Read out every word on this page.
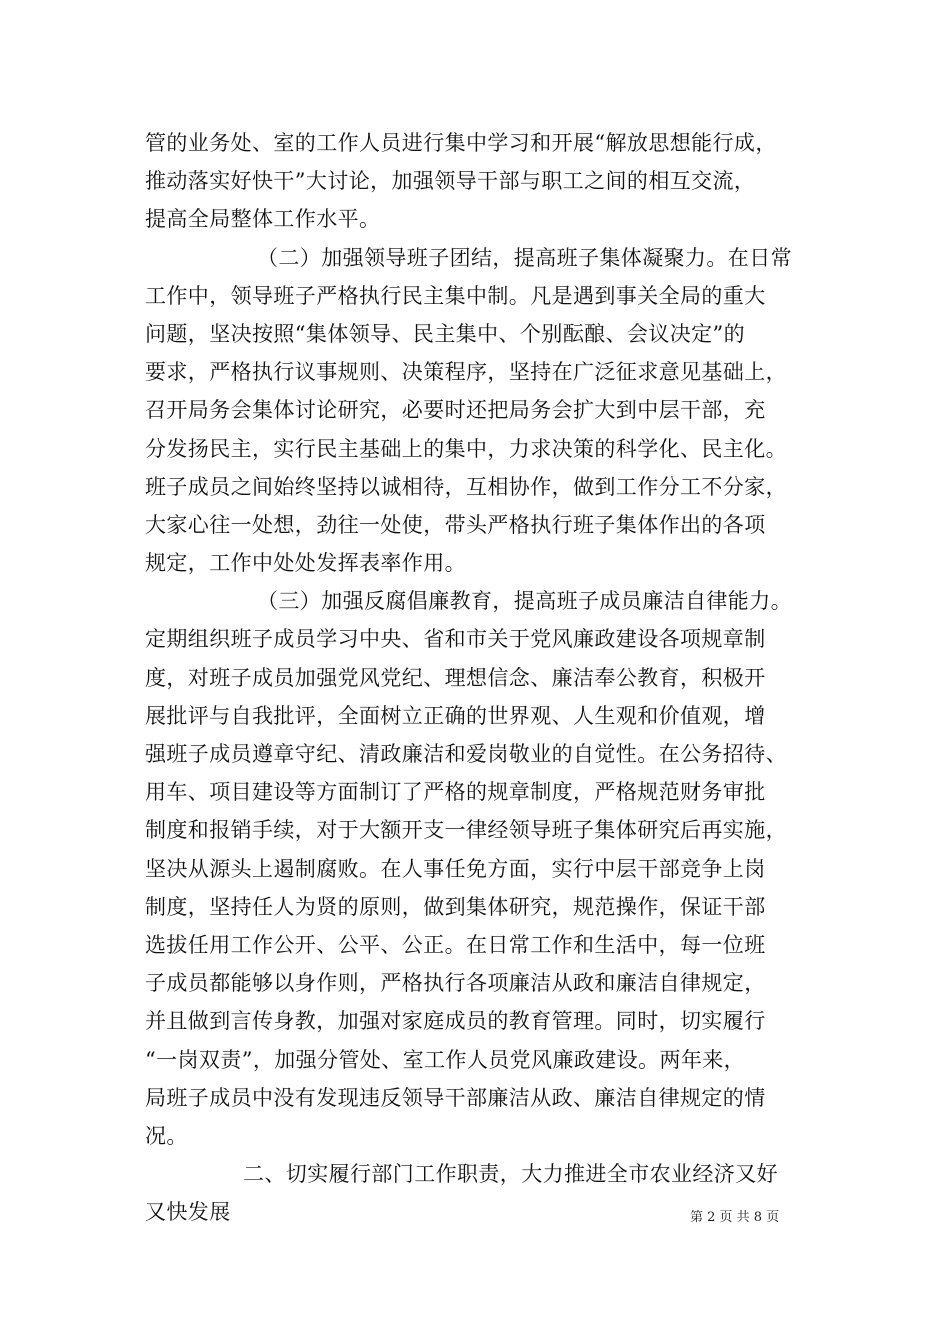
管的业务处、室的工作人员进行集中学习和开展“解放思想能行成，
推动落实好快干”大讨论，加强领导干部与职工之间的相互交流，
提高全局整体工作水平。
（二）加强领导班子团结，提高班子集体凝聚力。在日常
工作中，领导班子严格执行民主集中制。凡是遇到事关全局的重大
问题，坚决按照“集体领导、民主集中、个别酝酿、会议决定”的
要求，严格执行议事规则、决策程序，坚持在广泛征求意见基础上，
召开局务会集体讨论研究，必要时还把局务会扩大到中层干部，充
分发扬民主，实行民主基础上的集中，力求决策的科学化、民主化。
班子成员之间始终坚持以诚相待，互相协作，做到工作分工不分家，
大家心往一处想，劲往一处使，带头严格执行班子集体作出的各项
规定，工作中处处发挥表率作用。
（三）加强反腐倡廉教育，提高班子成员廉洁自律能力。
定期组织班子成员学习中央、省和市关于党风廉政建设各项规章制
度，对班子成员加强党风党纪、理想信念、廉洁奉公教育，积极开
展批评与自我批评，全面树立正确的世界观、人生观和价值观，增
强班子成员遵章守纪、清政廉洁和爱岗敬业的自觉性。在公务招待、
用车、项目建设等方面制订了严格的规章制度，严格规范财务审批
制度和报销手续，对于大额开支一律经领导班子集体研究后再实施，
坚决从源头上遏制腐败。在人事任免方面，实行中层干部竞争上岗
制度，坚持任人为贤的原则，做到集体研究，规范操作，保证干部
选拔任用工作公开、公平、公正。在日常工作和生活中，每一位班
子成员都能够以身作则，严格执行各项廉洁从政和廉洁自律规定，
并且做到言传身教，加强对家庭成员的教育管理。同时，切实履行
“一岗双责”，加强分管处、室工作人员党风廉政建设。两年来，
局班子成员中没有发现违反领导干部廉洁从政、廉洁自律规定的情
况。
二、切实履行部门工作职责，大力推进全市农业经济又好
又快发展	第 2 页 共 8 页
